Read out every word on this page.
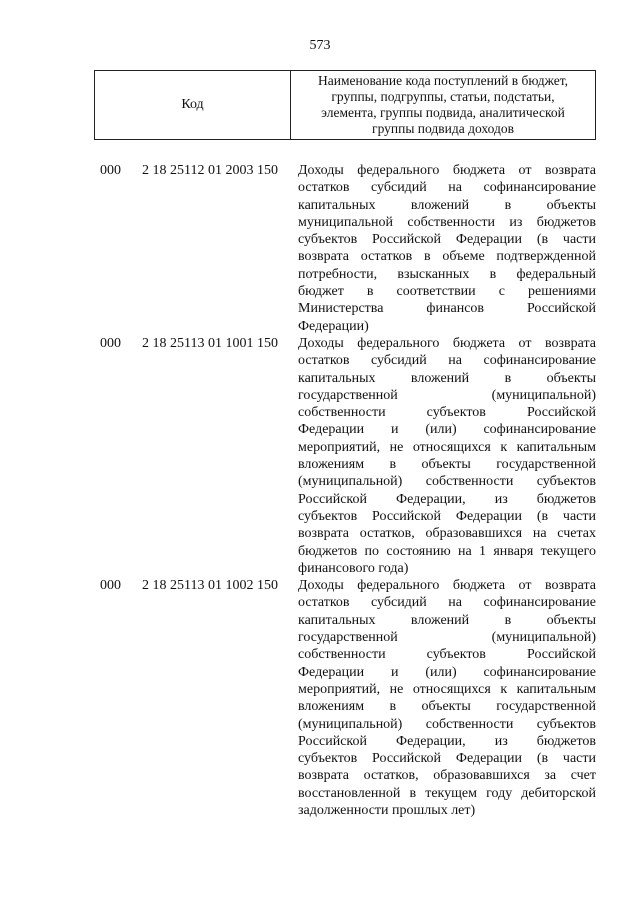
573
Код
Наименование кода поступлений в бюджет,
группы, подгруппы, статьи, подстатьи,
элемента, группы подвида, аналитической
группы подвида доходов
000	2 18 25112 01 2003 150	Доходы федерального бюджета от возврата
остатков субсидий на софинансирование
капитальных вложений в объекты
муниципальной собственности из бюджетов
субъектов Российской Федерации (в части
возврата остатков в объеме подтвержденной
потребности, взысканных в федеральный
бюджет в соответствии с решениями
Министерства финансов Российской
Федерации)
000	2 18 25113 01 1001 150	Доходы федерального бюджета от возврата
остатков субсидий на софинансирование
капитальных вложений в объекты
государственной (муниципальной)
собственности субъектов Российской
Федерации и (или) софинансирование
мероприятий, не относящихся к капитальным
вложениям в объекты государственной
(муниципальной) собственности субъектов
Российской Федерации, из бюджетов
субъектов Российской Федерации (в части
возврата остатков, образовавшихся на счетах
бюджетов по состоянию на 1 января текущего
финансового года)
000	2 18 25113 01 1002 150	Доходы федерального бюджета от возврата
остатков субсидий на софинансирование
капитальных вложений в объекты
государственной (муниципальной)
собственности субъектов Российской
Федерации и (или) софинансирование
мероприятий, не относящихся к капитальным
вложениям в объекты государственной
(муниципальной) собственности субъектов
Российской Федерации, из бюджетов
субъектов Российской Федерации (в части
возврата остатков, образовавшихся за счет
восстановленной в текущем году дебиторской
задолженности прошлых лет)
